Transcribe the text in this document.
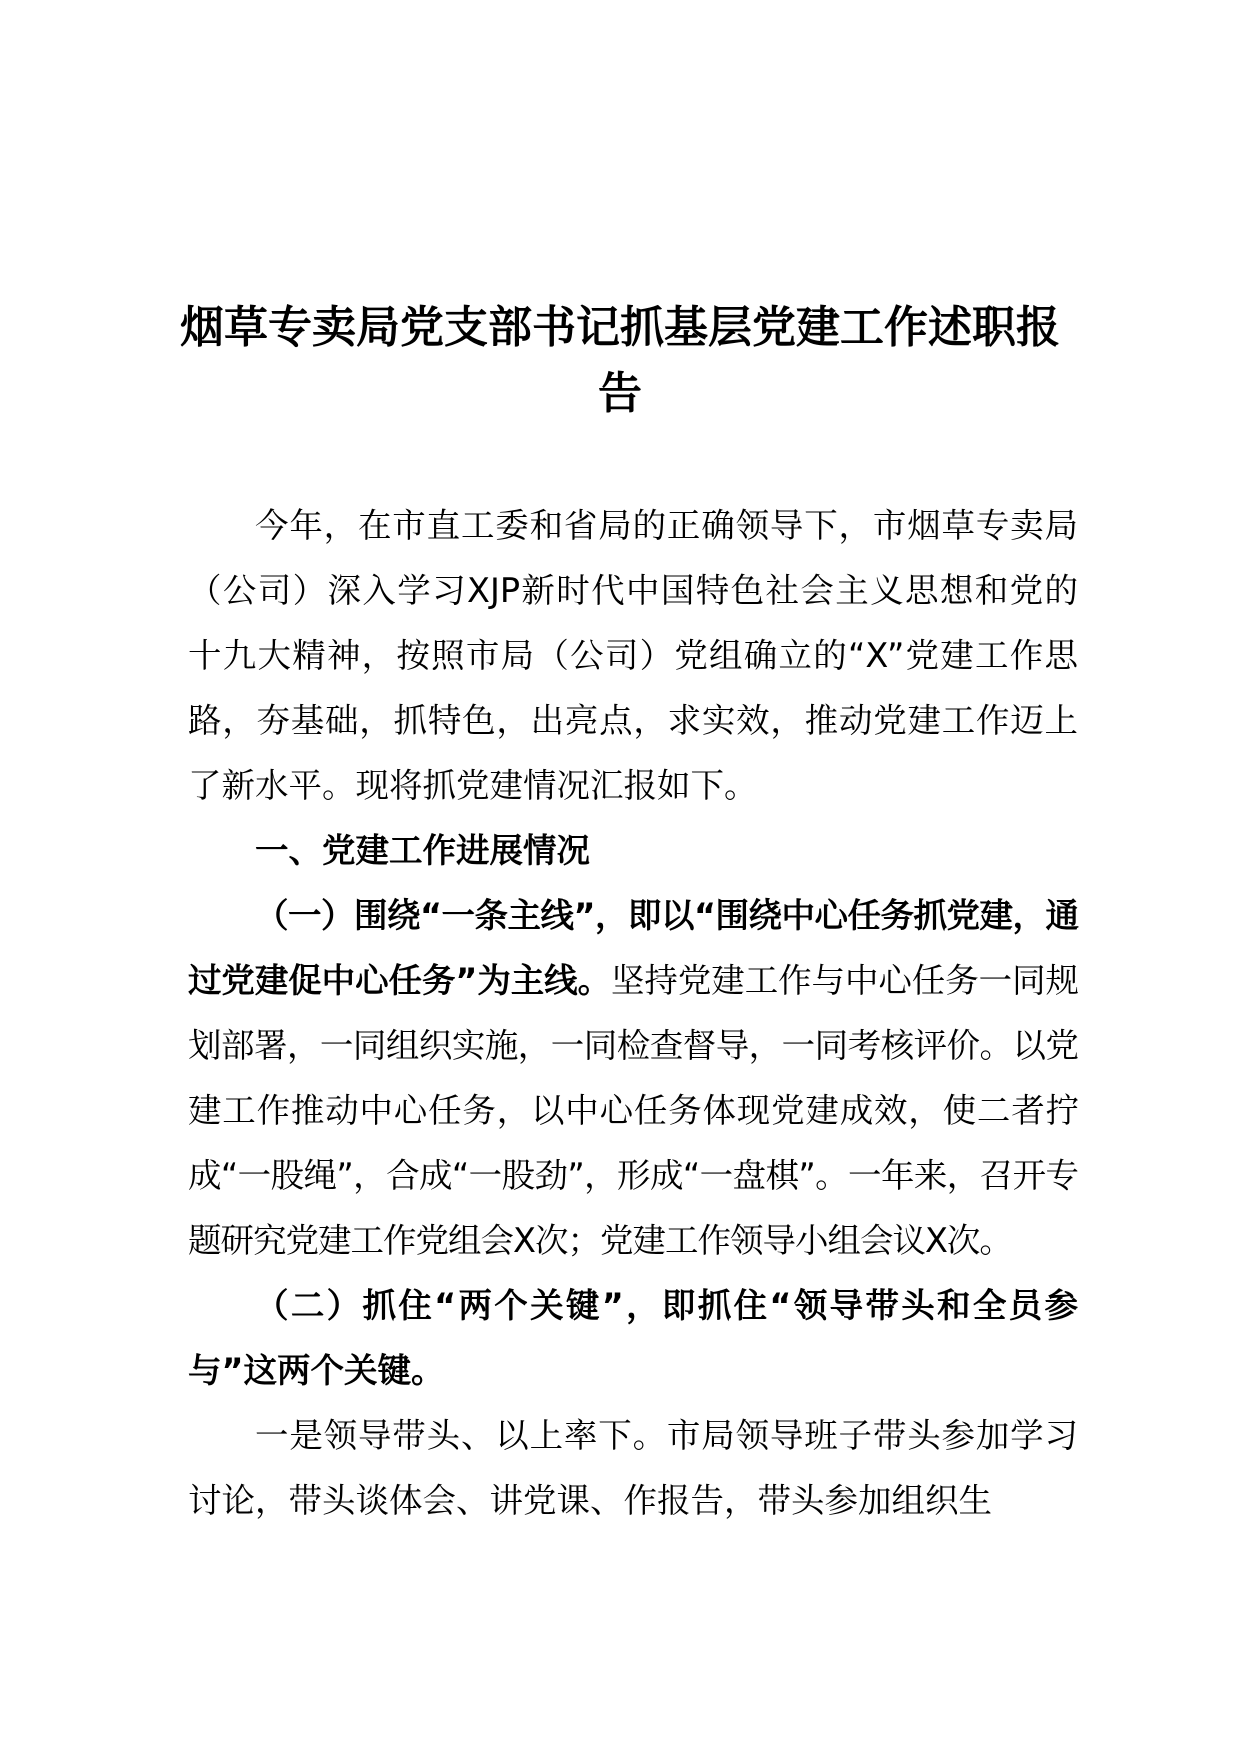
烟草专卖局党支部书记抓基层党建工作述职报告

今年，在市直工委和省局的正确领导下，市烟草专卖局（公司）深入学习XJP新时代中国特色社会主义思想和党的十九大精神，按照市局（公司）党组确立的“X”党建工作思路，夯基础，抓特色，出亮点，求实效，推动党建工作迈上了新水平。现将抓党建情况汇报如下。

一、党建工作进展情况

（一）围绕“一条主线”，即以“围绕中心任务抓党建，通过党建促中心任务”为主线。坚持党建工作与中心任务一同规划部署，一同组织实施，一同检查督导，一同考核评价。以党建工作推动中心任务，以中心任务体现党建成效，使二者拧成“一股绳”，合成“一股劲”，形成“一盘棋”。一年来，召开专题研究党建工作党组会X次；党建工作领导小组会议X次。

（二）抓住“两个关键”，即抓住“领导带头和全员参与”这两个关键。

一是领导带头、以上率下。市局领导班子带头参加学习讨论，带头谈体会、讲党课、作报告，带头参加组织生
